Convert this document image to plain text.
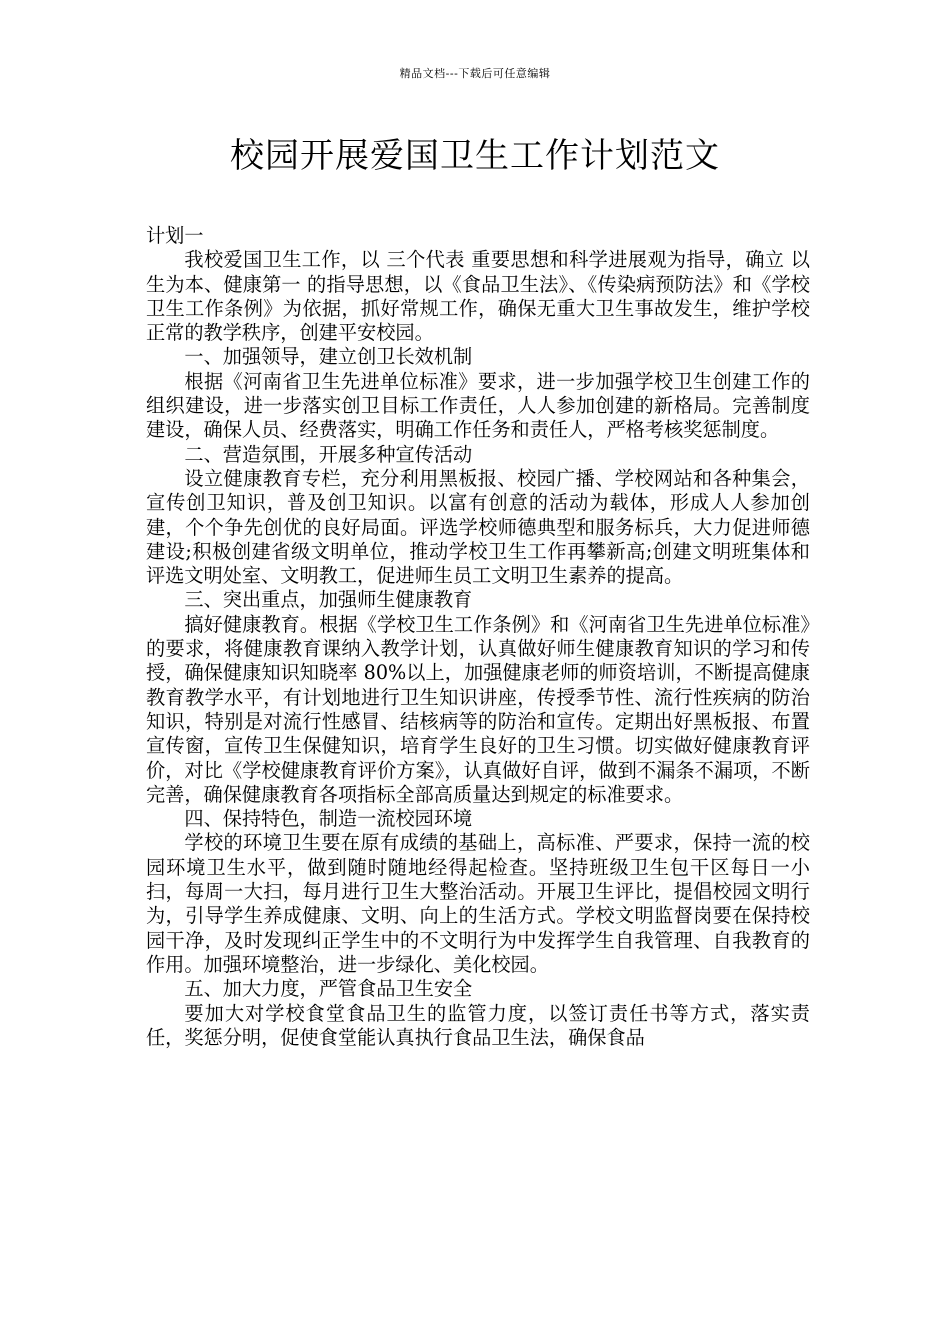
精品文档---下载后可任意编辑
校园开展爱国卫生工作计划范文

计划一

我校爱国卫生工作，以 三个代表 重要思想和科学进展观为指导，确立 以生为本、健康第一 的指导思想，以《食品卫生法》、《传染病预防法》和《学校卫生工作条例》为依据，抓好常规工作，确保无重大卫生事故发生，维护学校正常的教学秩序，创建平安校园。

一、加强领导，建立创卫长效机制

根据《河南省卫生先进单位标准》要求，进一步加强学校卫生创建工作的组织建设，进一步落实创卫目标工作责任，人人参加创建的新格局。完善制度建设，确保人员、经费落实，明确工作任务和责任人，严格考核奖惩制度。

二、营造氛围，开展多种宣传活动

设立健康教育专栏，充分利用黑板报、校园广播、学校网站和各种集会，宣传创卫知识，普及创卫知识。以富有创意的活动为载体，形成人人参加创建，个个争先创优的良好局面。评选学校师德典型和服务标兵，大力促进师德建设;积极创建省级文明单位，推动学校卫生工作再攀新高;创建文明班集体和评选文明处室、文明教工，促进师生员工文明卫生素养的提高。

三、突出重点，加强师生健康教育

搞好健康教育。根据《学校卫生工作条例》和《河南省卫生先进单位标准》的要求，将健康教育课纳入教学计划，认真做好师生健康教育知识的学习和传授，确保健康知识知晓率 80%以上，加强健康老师的师资培训，不断提高健康教育教学水平，有计划地进行卫生知识讲座，传授季节性、流行性疾病的防治知识，特别是对流行性感冒、结核病等的防治和宣传。定期出好黑板报、布置宣传窗，宣传卫生保健知识，培育学生良好的卫生习惯。切实做好健康教育评价，对比《学校健康教育评价方案》，认真做好自评，做到不漏条不漏项，不断完善，确保健康教育各项指标全部高质量达到规定的标准要求。

四、保持特色，制造一流校园环境

学校的环境卫生要在原有成绩的基础上，高标准、严要求，保持一流的校园环境卫生水平，做到随时随地经得起检查。坚持班级卫生包干区每日一小扫，每周一大扫，每月进行卫生大整治活动。开展卫生评比，提倡校园文明行为，引导学生养成健康、文明、向上的生活方式。学校文明监督岗要在保持校园干净，及时发现纠正学生中的不文明行为中发挥学生自我管理、自我教育的作用。加强环境整治，进一步绿化、美化校园。

五、加大力度，严管食品卫生安全

要加大对学校食堂食品卫生的监管力度，以签订责任书等方式，落实责任，奖惩分明，促使食堂能认真执行食品卫生法，确保食品
